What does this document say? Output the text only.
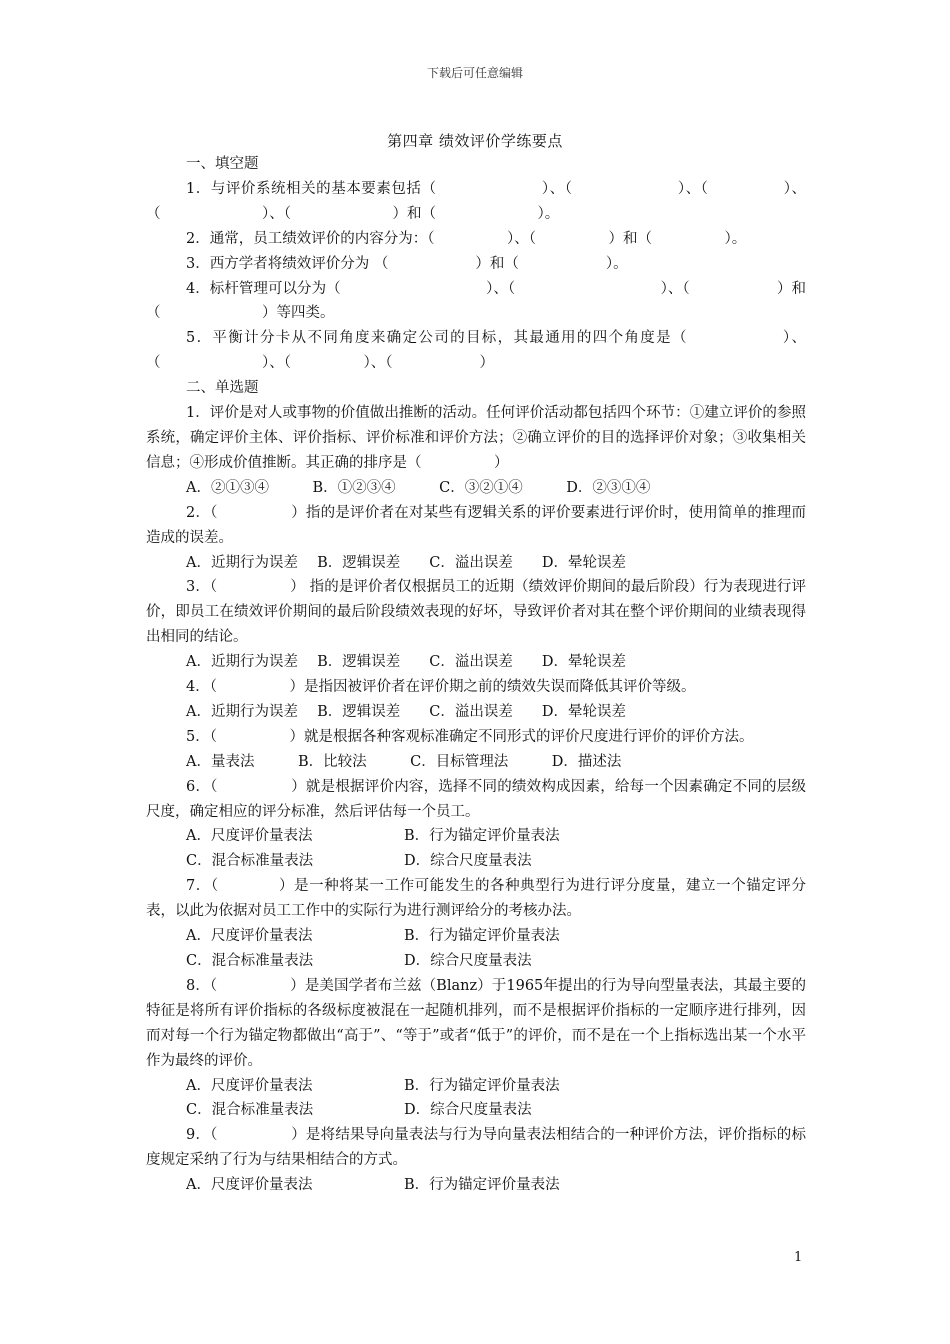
下载后可任意编辑
第四章 绩效评价学练要点

一、填空题

1．与评价系统相关的基本要素包括（　　　　　　　）、（　　　　　　　）、（　　　　　）、（　　　　　　　）、（　　　　　　　）和（　　　　　　　）。

2．通常，员工绩效评价的内容分为：（　　　　　）、（　　　　　）和（　　　　　）。

3．西方学者将绩效评价分为 （　　　　　　）和（　　　　　　）。

4．标杆管理可以分为（　　　　　　　　　　）、（　　　　　　　　　　）、（　　　　　　）和（　　　　　　　）等四类。

5．平衡计分卡从不同角度来确定公司的目标，其最通用的四个角度是（　　　　　　）、（　　　　　　　）、（　　　　　）、（　　　　　　）

二、单选题

1．评价是对人或事物的价值做出推断的活动。任何评价活动都包括四个环节：①建立评价的参照系统，确定评价主体、评价指标、评价标准和评价方法；②确立评价的目的选择评价对象；③收集相关信息；④形成价值推断。其正确的排序是（　　　　　）

A．②①③④　　　B．①②③④　　　C．③②①④　　　D．②③①④

2．（　　　　　）指的是评价者在对某些有逻辑关系的评价要素进行评价时，使用简单的推理而造成的误差。

A．近期行为误差　 B．逻辑误差　　C．溢出误差　　D．晕轮误差

3．（　　　　　） 指的是评价者仅根据员工的近期（绩效评价期间的最后阶段）行为表现进行评价，即员工在绩效评价期间的最后阶段绩效表现的好坏，导致评价者对其在整个评价期间的业绩表现得出相同的结论。

A．近期行为误差　 B．逻辑误差　　C．溢出误差　　D．晕轮误差

4．（　　　　　）是指因被评价者在评价期之前的绩效失误而降低其评价等级。

A．近期行为误差　 B．逻辑误差　　C．溢出误差　　D．晕轮误差

5．（　　　　　）就是根据各种客观标准确定不同形式的评价尺度进行评价的评价方法。

A．量表法　　　B．比较法　　　C．目标管理法　　　D．描述法

6．（　　　　　）就是根据评价内容，选择不同的绩效构成因素，给每一个因素确定不同的层级尺度，确定相应的评分标准，然后评估每一个员工。

A．尺度评价量表法	B．行为锚定评价量表法
C．混合标准量表法	D．综合尺度量表法

7．（　　　　）是一种将某一工作可能发生的各种典型行为进行评分度量，建立一个锚定评分表，以此为依据对员工工作中的实际行为进行测评给分的考核办法。

A．尺度评价量表法	B．行为锚定评价量表法
C．混合标准量表法	D．综合尺度量表法

8．（　　　　　）是美国学者布兰兹（Blanz）于1965年提出的行为导向型量表法，其最主要的特征是将所有评价指标的各级标度被混在一起随机排列，而不是根据评价指标的一定顺序进行排列，因而对每一个行为锚定物都做出“高于”、“等于”或者“低于”的评价，而不是在一个上指标选出某一个水平作为最终的评价。

A．尺度评价量表法	B．行为锚定评价量表法
C．混合标准量表法	D．综合尺度量表法

9．（　　　　　）是将结果导向量表法与行为导向量表法相结合的一种评价方法，评价指标的标度规定采纳了行为与结果相结合的方式。

A．尺度评价量表法	B．行为锚定评价量表法
1
